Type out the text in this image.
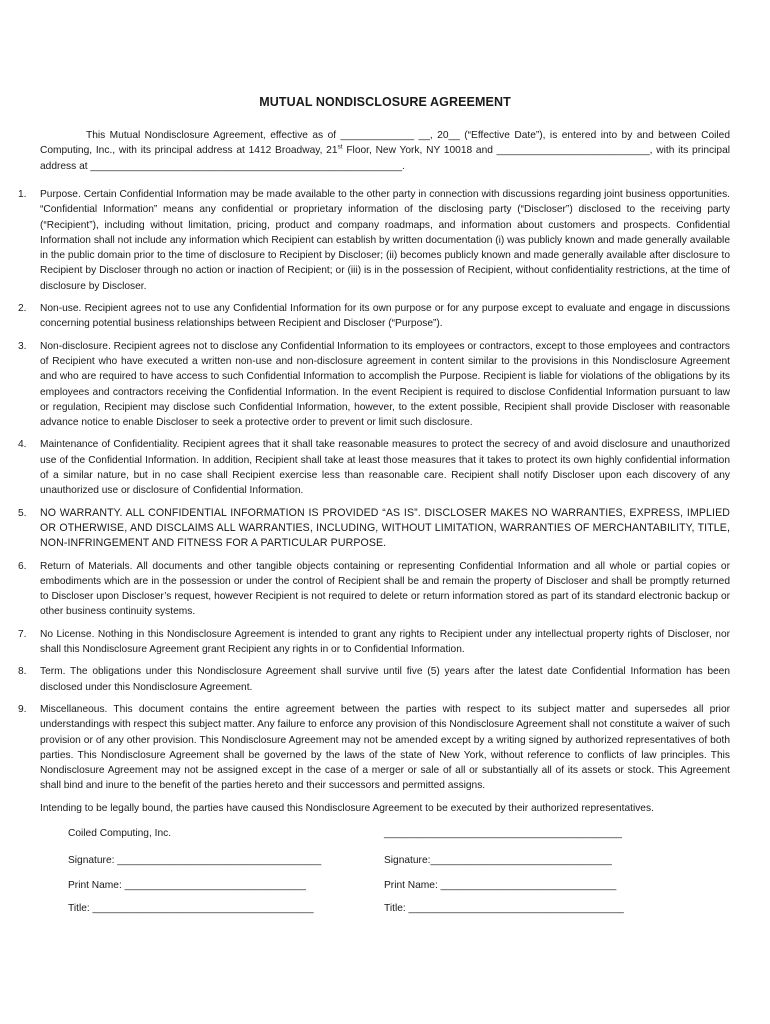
MUTUAL NONDISCLOSURE AGREEMENT
This Mutual Nondisclosure Agreement, effective as of _____________ __, 20__ (“Effective Date”), is entered into by and between Coiled Computing, Inc., with its principal address at 1412 Broadway, 21st Floor, New York, NY 10018 and ___________________________, with its principal address at _______________________________________________________.
1. Purpose. Certain Confidential Information may be made available to the other party in connection with discussions regarding joint business opportunities. “Confidential Information” means any confidential or proprietary information of the disclosing party (“Discloser”) disclosed to the receiving party (“Recipient”), including without limitation, pricing, product and company roadmaps, and information about customers and prospects. Confidential Information shall not include any information which Recipient can establish by written documentation (i) was publicly known and made generally available in the public domain prior to the time of disclosure to Recipient by Discloser; (ii) becomes publicly known and made generally available after disclosure to Recipient by Discloser through no action or inaction of Recipient; or (iii) is in the possession of Recipient, without confidentiality restrictions, at the time of disclosure by Discloser.
2. Non-use. Recipient agrees not to use any Confidential Information for its own purpose or for any purpose except to evaluate and engage in discussions concerning potential business relationships between Recipient and Discloser (“Purpose”).
3. Non-disclosure. Recipient agrees not to disclose any Confidential Information to its employees or contractors, except to those employees and contractors of Recipient who have executed a written non-use and non-disclosure agreement in content similar to the provisions in this Nondisclosure Agreement and who are required to have access to such Confidential Information to accomplish the Purpose. Recipient is liable for violations of the obligations by its employees and contractors receiving the Confidential Information. In the event Recipient is required to disclose Confidential Information pursuant to law or regulation, Recipient may disclose such Confidential Information, however, to the extent possible, Recipient shall provide Discloser with reasonable advance notice to enable Discloser to seek a protective order to prevent or limit such disclosure.
4. Maintenance of Confidentiality. Recipient agrees that it shall take reasonable measures to protect the secrecy of and avoid disclosure and unauthorized use of the Confidential Information. In addition, Recipient shall take at least those measures that it takes to protect its own highly confidential information of a similar nature, but in no case shall Recipient exercise less than reasonable care. Recipient shall notify Discloser upon each discovery of any unauthorized use or disclosure of Confidential Information.
5. NO WARRANTY. ALL CONFIDENTIAL INFORMATION IS PROVIDED “AS IS”. DISCLOSER MAKES NO WARRANTIES, EXPRESS, IMPLIED OR OTHERWISE, AND DISCLAIMS ALL WARRANTIES, INCLUDING, WITHOUT LIMITATION, WARRANTIES OF MERCHANTABILITY, TITLE, NON-INFRINGEMENT AND FITNESS FOR A PARTICULAR PURPOSE.
6. Return of Materials. All documents and other tangible objects containing or representing Confidential Information and all whole or partial copies or embodiments which are in the possession or under the control of Recipient shall be and remain the property of Discloser and shall be promptly returned to Discloser upon Discloser’s request, however Recipient is not required to delete or return information stored as part of its standard electronic backup or other business continuity systems.
7. No License. Nothing in this Nondisclosure Agreement is intended to grant any rights to Recipient under any intellectual property rights of Discloser, nor shall this Nondisclosure Agreement grant Recipient any rights in or to Confidential Information.
8. Term. The obligations under this Nondisclosure Agreement shall survive until five (5) years after the latest date Confidential Information has been disclosed under this Nondisclosure Agreement.
9. Miscellaneous. This document contains the entire agreement between the parties with respect to its subject matter and supersedes all prior understandings with respect this subject matter. Any failure to enforce any provision of this Nondisclosure Agreement shall not constitute a waiver of such provision or of any other provision. This Nondisclosure Agreement may not be amended except by a writing signed by authorized representatives of both parties. This Nondisclosure Agreement shall be governed by the laws of the state of New York, without reference to conflicts of law principles. This Nondisclosure Agreement may not be assigned except in the case of a merger or sale of all or substantially all of its assets or stock. This Agreement shall bind and inure to the benefit of the parties hereto and their successors and permitted assigns.
Intending to be legally bound, the parties have caused this Nondisclosure Agreement to be executed by their authorized representatives.
Coiled Computing, Inc.	__________________________________________
Signature: ____________________________________	Signature:________________________________
Print Name: ________________________________	Print Name: _______________________________
Title: _______________________________________	Title: ______________________________________
